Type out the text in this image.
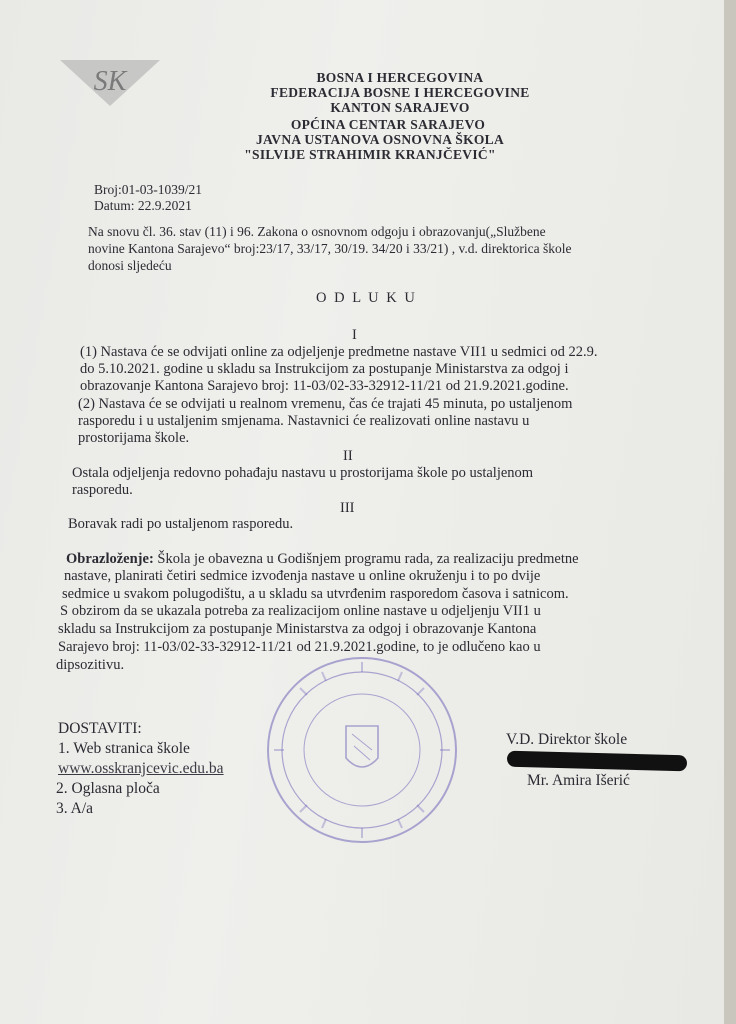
SK	BOSNA I HERCEGOVINA
FEDERACIJA BOSNE I HERCEGOVINE
KANTON SARAJEVO
OPĆINA CENTAR SARAJEVO
JAVNA USTANOVA OSNOVNA ŠKOLA
"SILVIJE STRAHIMIR KRANJČEVIĆ"
Broj:01-03-1039/21
Datum: 22.9.2021
Na snovu čl. 36. stav (11) i 96. Zakona o osnovnom odgoju i obrazovanju(„Službene
novine Kantona Sarajevo“ broj:23/17, 33/17, 30/19. 34/20 i 33/21) , v.d. direktorica škole
donosi sljedeću
O D L U K U
I
(1) Nastava će se odvijati online za odjeljenje predmetne nastave VII1 u sedmici od 22.9.
do 5.10.2021. godine u skladu sa Instrukcijom za postupanje Ministarstva za odgoj i
obrazovanje Kantona Sarajevo broj: 11-03/02-33-32912-11/21 od 21.9.2021.godine.
(2) Nastava će se odvijati u realnom vremenu, čas će trajati 45 minuta, po ustaljenom
rasporedu i u ustaljenim smjenama. Nastavnici će realizovati online nastavu u
prostorijama škole.
II
Ostala odjeljenja redovno pohađaju nastavu u prostorijama škole po ustaljenom
rasporedu.
III
Boravak radi po ustaljenom rasporedu.
Obrazloženje: Škola je obavezna u Godišnjem programu rada, za realizaciju predmetne
nastave, planirati četiri sedmice izvođenja nastave u online okruženju i to po dvije
sedmice u svakom polugodištu, a u skladu sa utvrđenim rasporedom časova i satnicom.
S obzirom da se ukazala potreba za realizacijom online nastave u odjeljenju VII1 u
skladu sa Instrukcijom za postupanje Ministarstva za odgoj i obrazovanje Kantona
Sarajevo broj: 11-03/02-33-32912-11/21 od 21.9.2021.godine, to je odlučeno kao u
dipsozitivu.
DOSTAVITI:
1. Web stranica škole
www.osskranjcevic.edu.ba
2. Oglasna ploča
3. A/a
V.D. Direktor škole
Mr. Amira Išerić
